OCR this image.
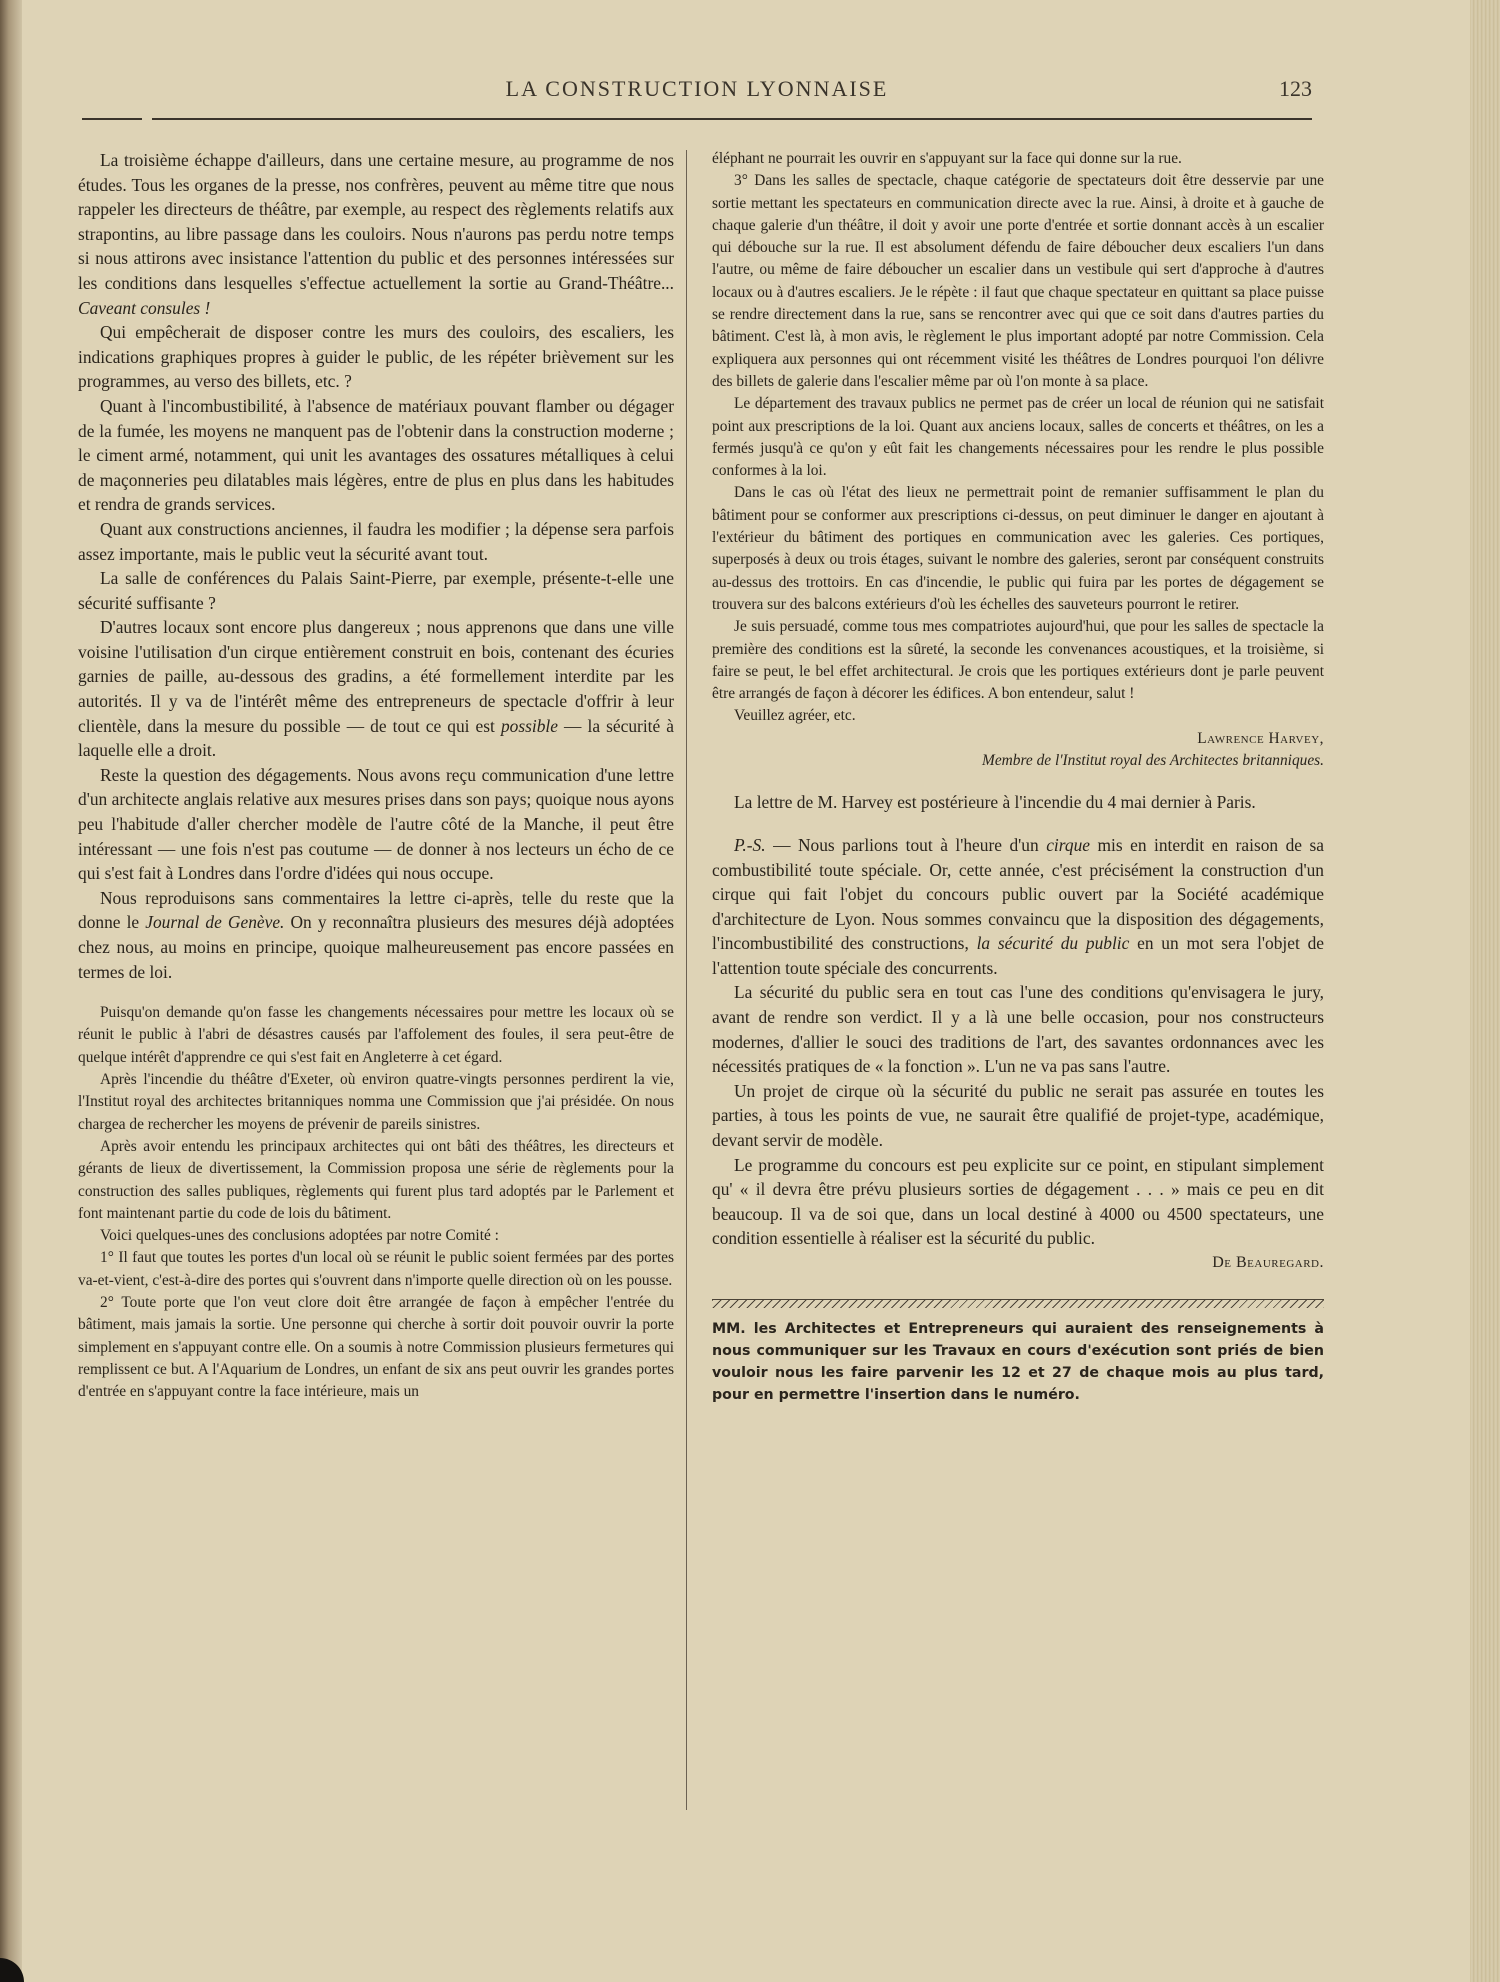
LA CONSTRUCTION LYONNAISE	123

La troisième échappe d'ailleurs, dans une certaine mesure, au programme de nos études. Tous les organes de la presse, nos confrères, peuvent au même titre que nous rappeler les directeurs de théâtre, par exemple, au respect des règlements relatifs aux strapontins, au libre passage dans les couloirs. Nous n'aurons pas perdu notre temps si nous attirons avec insistance l'attention du public et des personnes intéressées sur les conditions dans lesquelles s'effectue actuellement la sortie au Grand-Théâtre... Caveant consules !

Qui empêcherait de disposer contre les murs des couloirs, des escaliers, les indications graphiques propres à guider le public, de les répéter brièvement sur les programmes, au verso des billets, etc. ?

Quant à l'incombustibilité, à l'absence de matériaux pouvant flamber ou dégager de la fumée, les moyens ne manquent pas de l'obtenir dans la construction moderne ; le ciment armé, notamment, qui unit les avantages des ossatures métalliques à celui de maçonneries peu dilatables mais légères, entre de plus en plus dans les habitudes et rendra de grands services.

Quant aux constructions anciennes, il faudra les modifier ; la dépense sera parfois assez importante, mais le public veut la sécurité avant tout.

La salle de conférences du Palais Saint-Pierre, par exemple, présente-t-elle une sécurité suffisante ?

D'autres locaux sont encore plus dangereux ; nous apprenons que dans une ville voisine l'utilisation d'un cirque entièrement construit en bois, contenant des écuries garnies de paille, au-dessous des gradins, a été formellement interdite par les autorités. Il y va de l'intérêt même des entrepreneurs de spectacle d'offrir à leur clientèle, dans la mesure du possible — de tout ce qui est possible — la sécurité à laquelle elle a droit.

Reste la question des dégagements. Nous avons reçu communication d'une lettre d'un architecte anglais relative aux mesures prises dans son pays; quoique nous ayons peu l'habitude d'aller chercher modèle de l'autre côté de la Manche, il peut être intéressant — une fois n'est pas coutume — de donner à nos lecteurs un écho de ce qui s'est fait à Londres dans l'ordre d'idées qui nous occupe.

Nous reproduisons sans commentaires la lettre ci-après, telle du reste que la donne le Journal de Genève. On y reconnaîtra plusieurs des mesures déjà adoptées chez nous, au moins en principe, quoique malheureusement pas encore passées en termes de loi.

Puisqu'on demande qu'on fasse les changements nécessaires pour mettre les locaux où se réunit le public à l'abri de désastres causés par l'affolement des foules, il sera peut-être de quelque intérêt d'apprendre ce qui s'est fait en Angleterre à cet égard.

Après l'incendie du théâtre d'Exeter, où environ quatre-vingts personnes perdirent la vie, l'Institut royal des architectes britanniques nomma une Commission que j'ai présidée. On nous chargea de rechercher les moyens de prévenir de pareils sinistres.

Après avoir entendu les principaux architectes qui ont bâti des théâtres, les directeurs et gérants de lieux de divertissement, la Commission proposa une série de règlements pour la construction des salles publiques, règlements qui furent plus tard adoptés par le Parlement et font maintenant partie du code de lois du bâtiment.

Voici quelques-unes des conclusions adoptées par notre Comité :

1° Il faut que toutes les portes d'un local où se réunit le public soient fermées par des portes va-et-vient, c'est-à-dire des portes qui s'ouvrent dans n'importe quelle direction où on les pousse.

2° Toute porte que l'on veut clore doit être arrangée de façon à empêcher l'entrée du bâtiment, mais jamais la sortie. Une personne qui cherche à sortir doit pouvoir ouvrir la porte simplement en s'appuyant contre elle. On a soumis à notre Commission plusieurs fermetures qui remplissent ce but. A l'Aquarium de Londres, un enfant de six ans peut ouvrir les grandes portes d'entrée en s'appuyant contre la face intérieure, mais un

éléphant ne pourrait les ouvrir en s'appuyant sur la face qui donne sur la rue.

3° Dans les salles de spectacle, chaque catégorie de spectateurs doit être desservie par une sortie mettant les spectateurs en communication directe avec la rue. Ainsi, à droite et à gauche de chaque galerie d'un théâtre, il doit y avoir une porte d'entrée et sortie donnant accès à un escalier qui débouche sur la rue. Il est absolument défendu de faire déboucher deux escaliers l'un dans l'autre, ou même de faire déboucher un escalier dans un vestibule qui sert d'approche à d'autres locaux ou à d'autres escaliers. Je le répète : il faut que chaque spectateur en quittant sa place puisse se rendre directement dans la rue, sans se rencontrer avec qui que ce soit dans d'autres parties du bâtiment. C'est là, à mon avis, le règlement le plus important adopté par notre Commission. Cela expliquera aux personnes qui ont récemment visité les théâtres de Londres pourquoi l'on délivre des billets de galerie dans l'escalier même par où l'on monte à sa place.

Le département des travaux publics ne permet pas de créer un local de réunion qui ne satisfait point aux prescriptions de la loi. Quant aux anciens locaux, salles de concerts et théâtres, on les a fermés jusqu'à ce qu'on y eût fait les changements nécessaires pour les rendre le plus possible conformes à la loi.

Dans le cas où l'état des lieux ne permettrait point de remanier suffisamment le plan du bâtiment pour se conformer aux prescriptions ci-dessus, on peut diminuer le danger en ajoutant à l'extérieur du bâtiment des portiques en communication avec les galeries. Ces portiques, superposés à deux ou trois étages, suivant le nombre des galeries, seront par conséquent construits au-dessus des trottoirs. En cas d'incendie, le public qui fuira par les portes de dégagement se trouvera sur des balcons extérieurs d'où les échelles des sauveteurs pourront le retirer.

Je suis persuadé, comme tous mes compatriotes aujourd'hui, que pour les salles de spectacle la première des conditions est la sûreté, la seconde les convenances acoustiques, et la troisième, si faire se peut, le bel effet architectural. Je crois que les portiques extérieurs dont je parle peuvent être arrangés de façon à décorer les édifices. A bon entendeur, salut !

Veuillez agréer, etc.

Lawrence Harvey,
Membre de l'Institut royal des Architectes britanniques.

La lettre de M. Harvey est postérieure à l'incendie du 4 mai dernier à Paris.

P.-S. — Nous parlions tout à l'heure d'un cirque mis en interdit en raison de sa combustibilité toute spéciale. Or, cette année, c'est précisément la construction d'un cirque qui fait l'objet du concours public ouvert par la Société académique d'architecture de Lyon. Nous sommes convaincu que la disposition des dégagements, l'incombustibilité des constructions, la sécurité du public en un mot sera l'objet de l'attention toute spéciale des concurrents.

La sécurité du public sera en tout cas l'une des conditions qu'envisagera le jury, avant de rendre son verdict. Il y a là une belle occasion, pour nos constructeurs modernes, d'allier le souci des traditions de l'art, des savantes ordonnances avec les nécessités pratiques de « la fonction ». L'un ne va pas sans l'autre.

Un projet de cirque où la sécurité du public ne serait pas assurée en toutes les parties, à tous les points de vue, ne saurait être qualifié de projet-type, académique, devant servir de modèle.

Le programme du concours est peu explicite sur ce point, en stipulant simplement qu' « il devra être prévu plusieurs sorties de dégagement . . . » mais ce peu en dit beaucoup. Il va de soi que, dans un local destiné à 4000 ou 4500 spectateurs, une condition essentielle à réaliser est la sécurité du public.

De Beauregard.
MM. les Architectes et Entrepreneurs qui auraient des renseignements à nous communiquer sur les Travaux en cours d'exécution sont priés de bien vouloir nous les faire parvenir les 12 et 27 de chaque mois au plus tard, pour en permettre l'insertion dans le numéro.
